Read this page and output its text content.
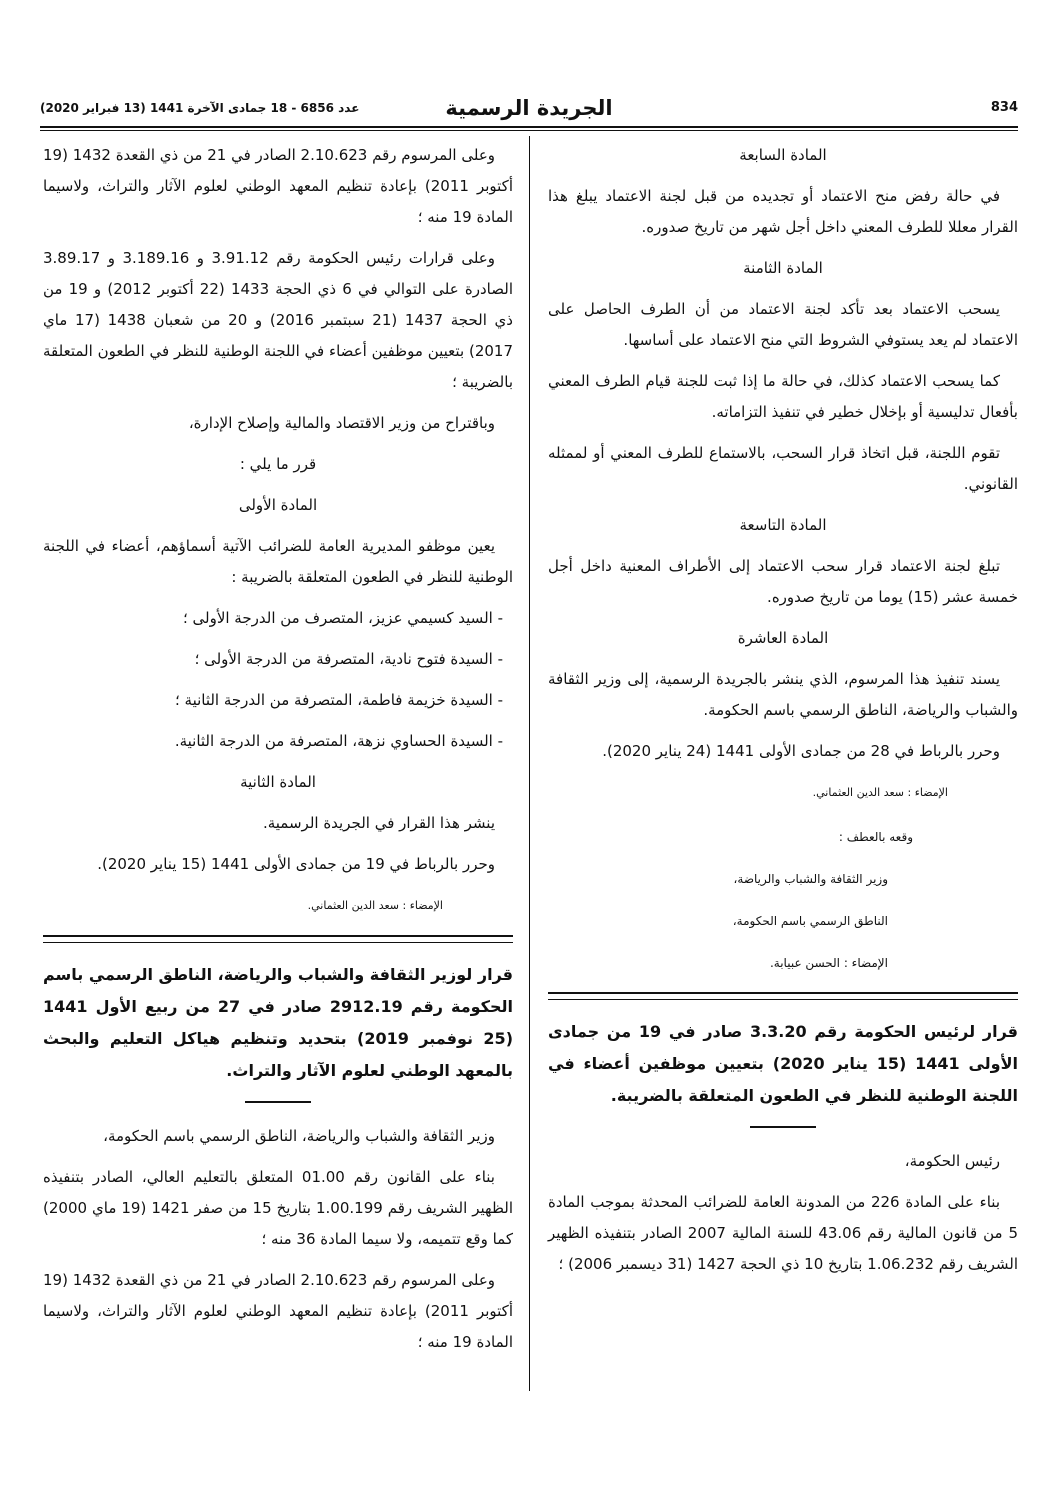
834
الجريدة الرسمية
عدد 6856 - 18 جمادى الآخرة 1441 (13 فبراير 2020)
المادة السابعة

في حالة رفض منح الاعتماد أو تجديده من قبل لجنة الاعتماد يبلغ هذا القرار معللا للطرف المعني داخل أجل شهر من تاريخ صدوره.

المادة الثامنة

يسحب الاعتماد بعد تأكد لجنة الاعتماد من أن الطرف الحاصل على الاعتماد لم يعد يستوفي الشروط التي منح الاعتماد على أساسها.

كما يسحب الاعتماد كذلك، في حالة ما إذا ثبت للجنة قيام الطرف المعني بأفعال تدليسية أو بإخلال خطير في تنفيذ التزاماته.

تقوم اللجنة، قبل اتخاذ قرار السحب، بالاستماع للطرف المعني أو لممثله القانوني.

المادة التاسعة

تبلغ لجنة الاعتماد قرار سحب الاعتماد إلى الأطراف المعنية داخل أجل خمسة عشر (15) يوما من تاريخ صدوره.

المادة العاشرة

يسند تنفيذ هذا المرسوم، الذي ينشر بالجريدة الرسمية، إلى وزير الثقافة والشباب والرياضة، الناطق الرسمي باسم الحكومة.

وحرر بالرباط في 28 من جمادى الأولى 1441 (24 يناير 2020).

الإمضاء : سعد الدين العثماني.
وقعه بالعطف :
وزير الثقافة والشباب والرياضة،
الناطق الرسمي باسم الحكومة،
الإمضاء : الحسن عبيابة.

قرار لرئيس الحكومة رقم 3.3.20 صادر في 19 من جمادى الأولى 1441 (15 يناير 2020) بتعيين موظفين أعضاء في اللجنة الوطنية للنظر في الطعون المتعلقة بالضريبة.

رئيس الحكومة،

بناء على المادة 226 من المدونة العامة للضرائب المحدثة بموجب المادة 5 من قانون المالية رقم 43.06 للسنة المالية 2007 الصادر بتنفيذه الظهير الشريف رقم 1.06.232 بتاريخ 10 ذي الحجة 1427 (31 ديسمبر 2006) ؛

وعلى المرسوم رقم 2.10.623 الصادر في 21 من ذي القعدة 1432 (19 أكتوبر 2011) بإعادة تنظيم المعهد الوطني لعلوم الآثار والتراث، ولاسيما المادة 19 منه ؛

وعلى قرارات رئيس الحكومة رقم 3.91.12 و 3.189.16 و 3.89.17 الصادرة على التوالي في 6 ذي الحجة 1433 (22 أكتوبر 2012) و 19 من ذي الحجة 1437 (21 سبتمبر 2016) و 20 من شعبان 1438 (17 ماي 2017) بتعيين موظفين أعضاء في اللجنة الوطنية للنظر في الطعون المتعلقة بالضريبة ؛

وباقتراح من وزير الاقتصاد والمالية وإصلاح الإدارة،

قرر ما يلي :
المادة الأولى

يعين موظفو المديرية العامة للضرائب الآتية أسماؤهم، أعضاء في اللجنة الوطنية للنظر في الطعون المتعلقة بالضريبة :

- السيد كسيمي عزيز، المتصرف من الدرجة الأولى ؛
- السيدة فتوح نادية، المتصرفة من الدرجة الأولى ؛
- السيدة خزيمة فاطمة، المتصرفة من الدرجة الثانية ؛
- السيدة الحساوي نزهة، المتصرفة من الدرجة الثانية.
المادة الثانية

ينشر هذا القرار في الجريدة الرسمية.

وحرر بالرباط في 19 من جمادى الأولى 1441 (15 يناير 2020).

الإمضاء : سعد الدين العثماني.

قرار لوزير الثقافة والشباب والرياضة، الناطق الرسمي باسم الحكومة رقم 2912.19 صادر في 27 من ربيع الأول 1441 (25 نوفمبر 2019) بتحديد وتنظيم هياكل التعليم والبحث بالمعهد الوطني لعلوم الآثار والتراث.

وزير الثقافة والشباب والرياضة، الناطق الرسمي باسم الحكومة،

بناء على القانون رقم 01.00 المتعلق بالتعليم العالي، الصادر بتنفيذه الظهير الشريف رقم 1.00.199 بتاريخ 15 من صفر 1421 (19 ماي 2000) كما وقع تتميمه، ولا سيما المادة 36 منه ؛

وعلى المرسوم رقم 2.10.623 الصادر في 21 من ذي القعدة 1432 (19 أكتوبر 2011) بإعادة تنظيم المعهد الوطني لعلوم الآثار والتراث، ولاسيما المادة 19 منه ؛
